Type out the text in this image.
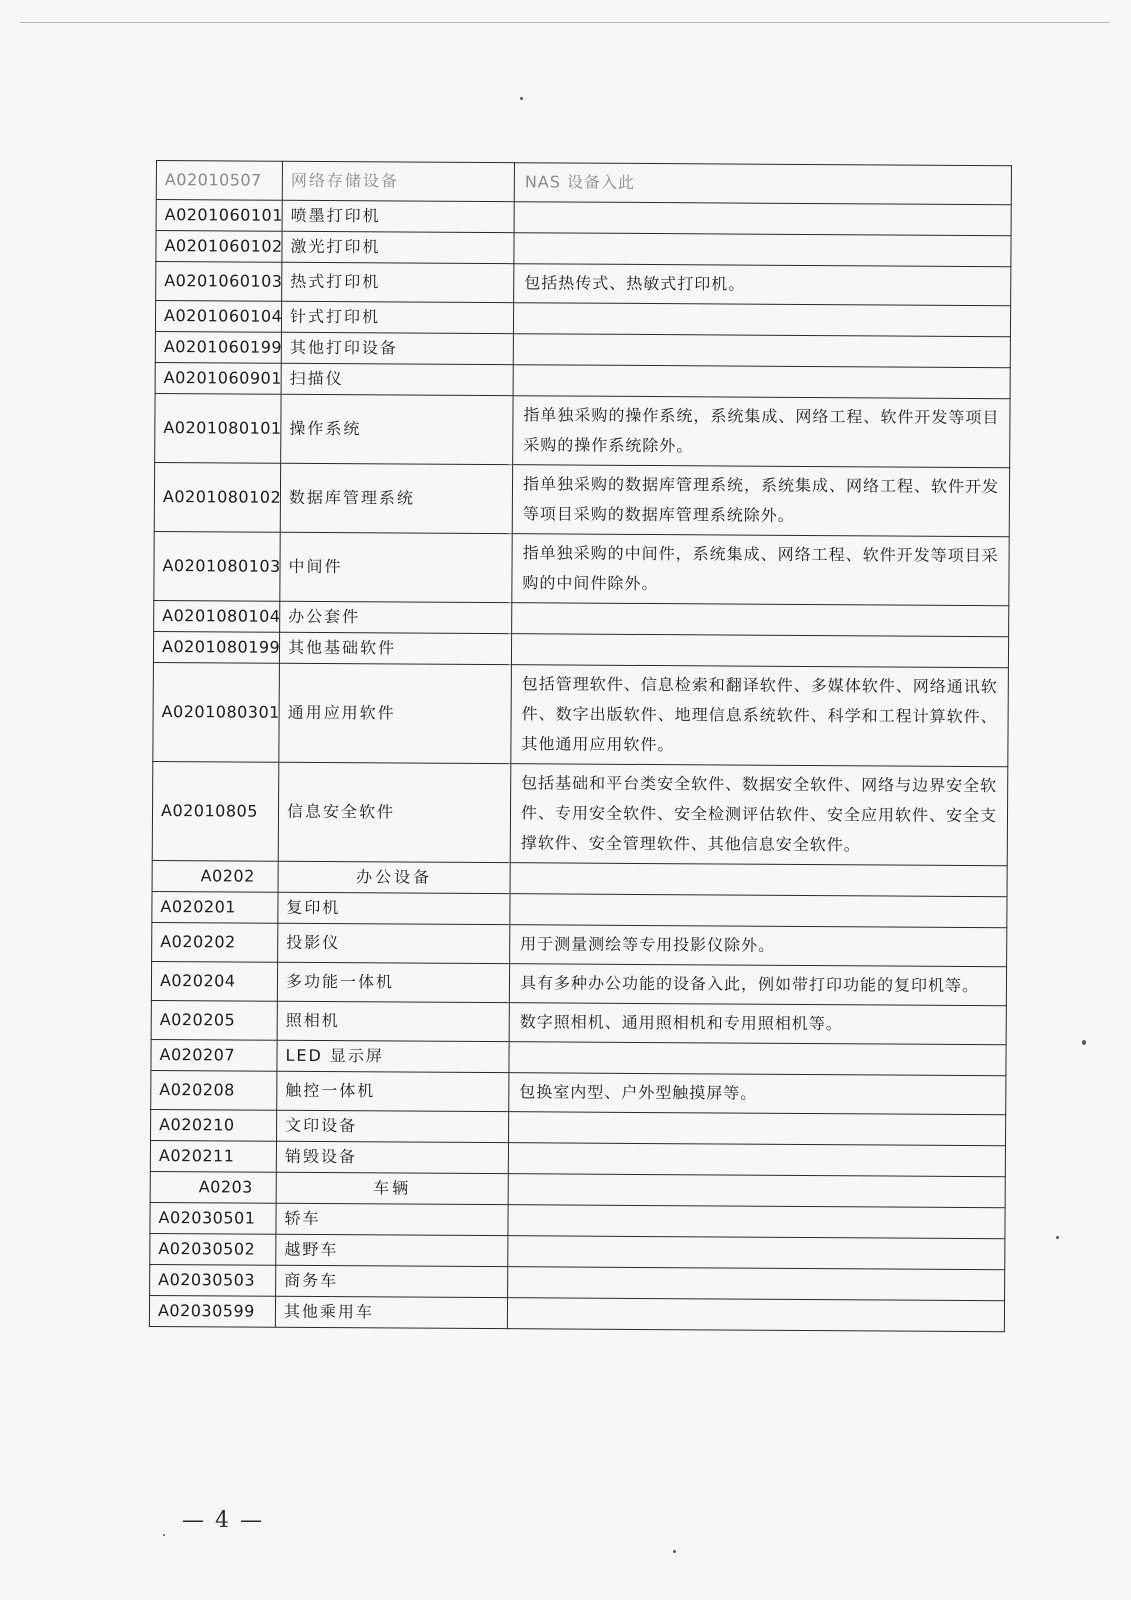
A02010507	网络存储设备	NAS 设备入此
A0201060101	喷墨打印机	
A0201060102	激光打印机	
A0201060103	热式打印机	包括热传式、热敏式打印机。
A0201060104	针式打印机	
A0201060199	其他打印设备	
A0201060901	扫描仪	
A0201080101	操作系统	指单独采购的操作系统，系统集成、网络工程、软件开发等项目采购的操作系统除外。
A0201080102	数据库管理系统	指单独采购的数据库管理系统，系统集成、网络工程、软件开发等项目采购的数据库管理系统除外。
A0201080103	中间件	指单独采购的中间件，系统集成、网络工程、软件开发等项目采购的中间件除外。
A0201080104	办公套件	
A0201080199	其他基础软件	
A0201080301	通用应用软件	包括管理软件、信息检索和翻译软件、多媒体软件、网络通讯软件、数字出版软件、地理信息系统软件、科学和工程计算软件、其他通用应用软件。
A02010805	信息安全软件	包括基础和平台类安全软件、数据安全软件、网络与边界安全软件、专用安全软件、安全检测评估软件、安全应用软件、安全支撑软件、安全管理软件、其他信息安全软件。
A0202	办公设备	
A020201	复印机	
A020202	投影仪	用于测量测绘等专用投影仪除外。
A020204	多功能一体机	具有多种办公功能的设备入此，例如带打印功能的复印机等。
A020205	照相机	数字照相机、通用照相机和专用照相机等。
A020207	LED 显示屏	
A020208	触控一体机	包换室内型、户外型触摸屏等。
A020210	文印设备	
A020211	销毁设备	
A0203	车辆	
A02030501	轿车	
A02030502	越野车	
A02030503	商务车	
A02030599	其他乘用车	
— 4 —
